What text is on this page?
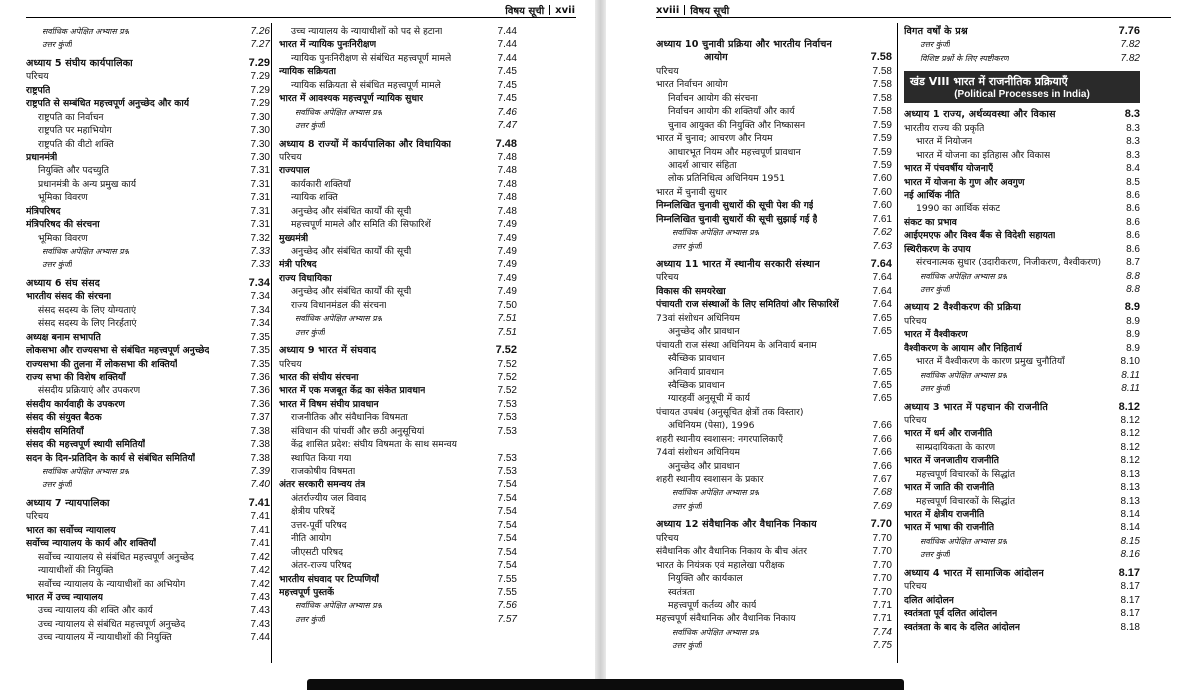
विषय सूची xvii
सर्वाधिक अपेक्षित अभ्यास प्रश्न	7.26
उत्तर कुंजी	7.27
अध्याय 5 संघीय कार्यपालिका	7.29
परिचय	7.29
राष्ट्रपति	7.29
राष्ट्रपति से सम्बंधित महत्त्वपूर्ण अनुच्छेद और कार्य	7.29
राष्ट्रपति का निर्वाचन	7.30
राष्ट्रपति पर महाभियोग	7.30
राष्ट्रपति की वीटो शक्ति	7.30
प्रधानमंत्री	7.30
नियुक्ति और पदच्युति	7.31
प्रधानमंत्री के अन्य प्रमुख कार्य	7.31
भूमिका विवरण	7.31
मंत्रिपरिषद	7.31
मंत्रिपरिषद की संरचना	7.31
भूमिका विवरण	7.32
सर्वाधिक अपेक्षित अभ्यास प्रश्न	7.33
उत्तर कुंजी	7.33
अध्याय 6 संघ संसद	7.34
भारतीय संसद की संरचना	7.34
संसद सदस्य के लिए योग्यताएं	7.34
संसद सदस्य के लिए निरर्हताएं	7.34
अध्यक्ष बनाम सभापति	7.35
लोकसभा और राज्यसभा से संबंधित महत्त्वपूर्ण अनुच्छेद	7.35
राज्यसभा की तुलना में लोकसभा की शक्तियाँ	7.35
राज्य सभा की विशेष शक्तियाँ	7.36
संसदीय प्रक्रियाएं और उपकरण	7.36
संसदीय कार्यवाही के उपकरण	7.36
संसद की संयुक्त बैठक	7.37
संसदीय समितियाँ	7.38
संसद की महत्त्वपूर्ण स्थायी समितियाँ	7.38
सदन के दिन-प्रतिदिन के कार्य से संबंधित समितियाँ	7.38
सर्वाधिक अपेक्षित अभ्यास प्रश्न	7.39
उत्तर कुंजी	7.40
अध्याय 7 न्यायपालिका	7.41
परिचय	7.41
भारत का सर्वोच्च न्यायालय	7.41
सर्वोच्च न्यायालय के कार्य और शक्तियाँ	7.41
सर्वोच्च न्यायालय से संबंधित महत्त्वपूर्ण अनुच्छेद	7.42
न्यायाधीशों की नियुक्ति	7.42
सर्वोच्च न्यायालय के न्यायाधीशों का अभियोग	7.42
भारत में उच्च न्यायालय	7.43
उच्च न्यायालय की शक्ति और कार्य	7.43
उच्च न्यायालय से संबंधित महत्त्वपूर्ण अनुच्छेद	7.43
उच्च न्यायालय में न्यायाधीशों की नियुक्ति	7.44
उच्च न्यायालय के न्यायाधीशों को पद से हटाना	7.44
भारत में न्यायिक पुनःनिरीक्षण	7.44
न्यायिक पुनःनिरीक्षण से संबंधित महत्त्वपूर्ण मामले	7.44
न्यायिक सक्रियता	7.45
न्यायिक सक्रियता से संबंधित महत्त्वपूर्ण मामले	7.45
भारत में आवश्यक महत्त्वपूर्ण न्यायिक सुधार	7.45
सर्वाधिक अपेक्षित अभ्यास प्रश्न	7.46
उत्तर कुंजी	7.47
अध्याय 8 राज्यों में कार्यपालिका और विधायिका	7.48
परिचय	7.48
राज्यपाल	7.48
कार्यकारी शक्तियाँ	7.48
न्यायिक शक्ति	7.48
अनुच्छेद और संबंधित कार्यों की सूची	7.48
महत्त्वपूर्ण मामले और समिति की सिफारिशें	7.49
मुख्यमंत्री	7.49
अनुच्छेद और संबंधित कार्यों की सूची	7.49
मंत्री परिषद	7.49
राज्य विधायिका	7.49
अनुच्छेद और संबंधित कार्यों की सूची	7.49
राज्य विधानमंडल की संरचना	7.50
सर्वाधिक अपेक्षित अभ्यास प्रश्न	7.51
उत्तर कुंजी	7.51
अध्याय 9 भारत में संघवाद	7.52
परिचय	7.52
भारत की संघीय संरचना	7.52
भारत में एक मजबूत केंद्र का संकेत प्रावधान	7.52
भारत में विषम संघीय प्रावधान	7.53
राजनीतिक और संवैधानिक विषमता	7.53
संविधान की पांचवीं और छठी अनुसूचियां	7.53
केंद्र शासित प्रदेश: संघीय विषमता के साथ समन्वय
स्थापित किया गया	7.53
राजकोषीय विषमता	7.53
अंतर सरकारी समन्वय तंत्र	7.54
अंतर्राज्यीय जल विवाद	7.54
क्षेत्रीय परिषदें	7.54
उत्तर-पूर्वी परिषद	7.54
नीति आयोग	7.54
जीएसटी परिषद	7.54
अंतर-राज्य परिषद	7.54
भारतीय संघवाद पर टिप्पणियाँ	7.55
महत्त्वपूर्ण पुस्तकें	7.55
सर्वाधिक अपेक्षित अभ्यास प्रश्न	7.56
उत्तर कुंजी	7.57
xviii विषय सूची
अध्याय 10 चुनावी प्रक्रिया और भारतीय निर्वाचन
आयोग	7.58
परिचय	7.58
भारत निर्वाचन आयोग	7.58
निर्वाचन आयोग की संरचना	7.58
निर्वाचन आयोग की शक्तियाँ और कार्य	7.58
चुनाव आयुक्त की नियुक्ति और निष्कासन	7.59
भारत में चुनाव; आचरण और नियम	7.59
आधारभूत नियम और महत्त्वपूर्ण प्रावधान	7.59
आदर्श आचार संहिता	7.59
लोक प्रतिनिधित्व अधिनियम 1951	7.60
भारत में चुनावी सुधार	7.60
निम्नलिखित चुनावी सुधारों की सूची पेश की गई	7.60
निम्नलिखित चुनावी सुधारों की सूची सुझाई गई है	7.61
सर्वाधिक अपेक्षित अभ्यास प्रश्न	7.62
उत्तर कुंजी	7.63
अध्याय 11 भारत में स्थानीय सरकारी संस्थान	7.64
परिचय	7.64
विकास की समयरेखा	7.64
पंचायती राज संस्थाओं के लिए समितियां और सिफारिशें	7.64
73वां संशोधन अधिनियम	7.65
अनुच्छेद और प्रावधान	7.65
पंचायती राज संस्था अधिनियम के अनिवार्य बनाम
स्वैच्छिक प्रावधान	7.65
अनिवार्य प्रावधान	7.65
स्वैच्छिक प्रावधान	7.65
ग्यारहवीं अनुसूची में कार्य	7.65
पंचायत उपबंध (अनुसूचित क्षेत्रों तक विस्तार)
अधिनियम (पेसा), 1996	7.66
शहरी स्थानीय स्वशासन: नगरपालिकाएँ	7.66
74वां संशोधन अधिनियम	7.66
अनुच्छेद और प्रावधान	7.66
शहरी स्थानीय स्वशासन के प्रकार	7.67
सर्वाधिक अपेक्षित अभ्यास प्रश्न	7.68
उत्तर कुंजी	7.69
अध्याय 12 संवैधानिक और वैधानिक निकाय	7.70
परिचय	7.70
संवैधानिक और वैधानिक निकाय के बीच अंतर	7.70
भारत के नियंत्रक एवं महालेखा परीक्षक	7.70
नियुक्ति और कार्यकाल	7.70
स्वतंत्रता	7.70
महत्त्वपूर्ण कर्तव्य और कार्य	7.71
महत्त्वपूर्ण संवैधानिक और वैधानिक निकाय	7.71
सर्वाधिक अपेक्षित अभ्यास प्रश्न	7.74
उत्तर कुंजी	7.75
विगत वर्षों के प्रश्न	7.76
उत्तर कुंजी	7.82
विशिष्ट प्रश्नों के लिए स्पष्टीकरण	7.82
खंड VIII भारत में राजनीतिक प्रक्रियाएँ
(Political Processes in India)
अध्याय 1 राज्य, अर्थव्यवस्था और विकास	8.3
भारतीय राज्य की प्रकृति	8.3
भारत में नियोजन	8.3
भारत में योजना का इतिहास और विकास	8.3
भारत में पंचवर्षीय योजनाएँ	8.4
भारत में योजना के गुण और अवगुण	8.5
नई आर्थिक नीति	8.6
1990 का आर्थिक संकट	8.6
संकट का प्रभाव	8.6
आईएमएफ और विश्व बैंक से विदेशी सहायता	8.6
स्थिरीकरण के उपाय	8.6
संरचनात्मक सुधार (उदारीकरण, निजीकरण, वैश्वीकरण)	8.7
सर्वाधिक अपेक्षित अभ्यास प्रश्न	8.8
उत्तर कुंजी	8.8
अध्याय 2 वैश्वीकरण की प्रक्रिया	8.9
परिचय	8.9
भारत में वैश्वीकरण	8.9
वैश्वीकरण के आयाम और निहितार्थ	8.9
भारत में वैश्वीकरण के कारण प्रमुख चुनौतियाँ	8.10
सर्वाधिक अपेक्षित अभ्यास प्रश्न	8.11
उत्तर कुंजी	8.11
अध्याय 3 भारत में पहचान की राजनीति	8.12
परिचय	8.12
भारत में धर्म और राजनीति	8.12
साम्प्रदायिकता के कारण	8.12
भारत में जनजातीय राजनीति	8.12
महत्त्वपूर्ण विचारकों के सिद्धांत	8.13
भारत में जाति की राजनीति	8.13
महत्त्वपूर्ण विचारकों के सिद्धांत	8.13
भारत में क्षेत्रीय राजनीति	8.14
भारत में भाषा की राजनीति	8.14
सर्वाधिक अपेक्षित अभ्यास प्रश्न	8.15
उत्तर कुंजी	8.16
अध्याय 4 भारत में सामाजिक आंदोलन	8.17
परिचय	8.17
दलित आंदोलन	8.17
स्वतंत्रता पूर्व दलित आंदोलन	8.17
स्वतंत्रता के बाद के दलित आंदोलन	8.18
